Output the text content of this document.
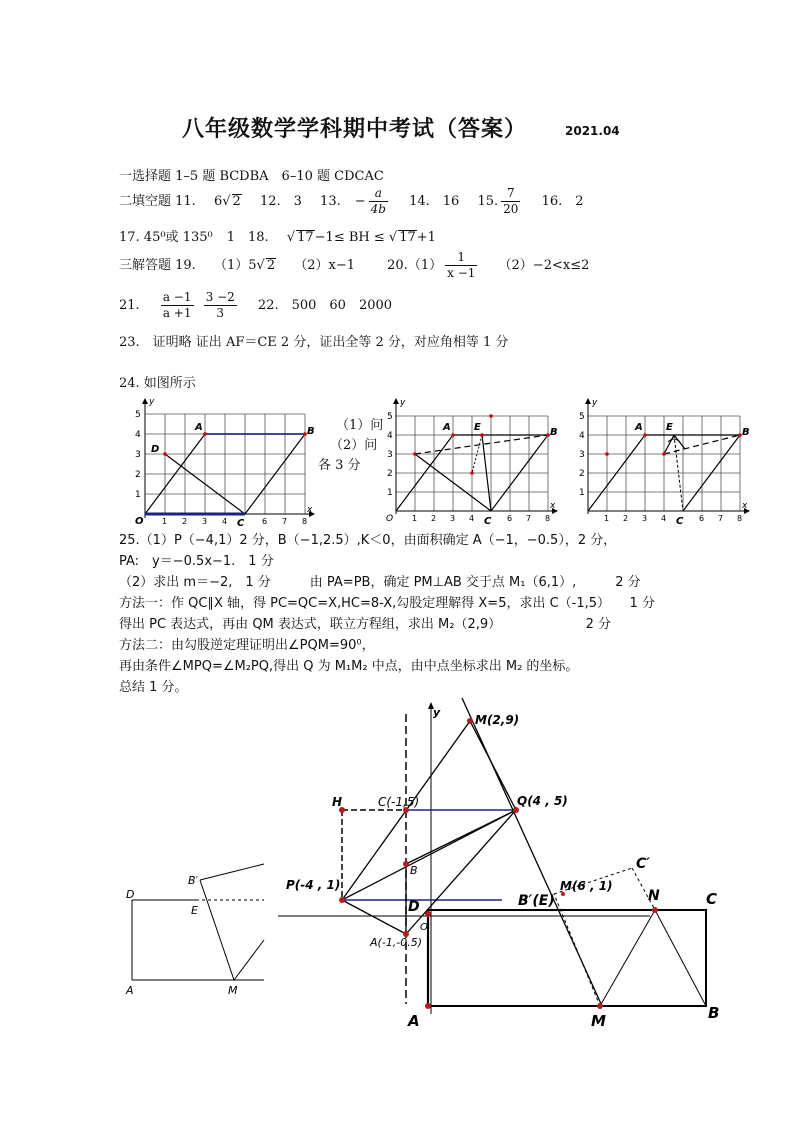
八年级数学学科期中考试（答案）	2021.04
一选择题 1–5 题 BCDBA　6–10 题 CDCAC
二填空题 11. 6√ 2 12.　3 13. − $\frac{a}{4b} 14$.　16 15. $\frac{7}{20} 16$.　2
17. 45⁰或 135⁰ 1　18. √ 17−1≤ BH ≤ √ 17+1
三解答题 19. （1）5√ 2 （2）x−1 $20.(1) \frac{1}{x -1} (2)-2<x\le 2$
21. $\frac{a -1}{a +1}$
$\frac{3 -2}{3} 22$.　500　60　2000
23.　证明略 证出 AF＝CE 2 分，证出全等 2 分，对应角相等 1 分
24. 如图所示
y
x
5
4
3
2
1
1 2 3 4	6 7 8
A	B
D
C
O
（1）问
（2）问
各 3 分
y
x
5
4
3
2
1
1 2 3 4	6 7 8
A E	B
C
O
y
x
5
4
3
2
1
1 2 3 4	6 7 8
A E	B
C
25.（1）P（−4,1）2 分，B（−1,2.5）,K＜0，由面积确定 A（−1，−0.5），2 分，
PA:　y＝−0.5x−1.　1 分
（2）求出 m＝−2,　1 分　　　由 PA=PB，确定 PM⊥AB 交于点 M₁（6,1）,　　　2 分
方法一：作 QC∥X 轴，得 PC=QC=X,HC=8-X,勾股定理解得 X=5，求出 C（-1,5）　　1 分
得出 PC 表达式，再由 QM 表达式，联立方程组，求出 M₂（2,9）　　　　　　　2 分
方法二：由勾股逆定理证明出∠PQM=90⁰，
再由条件∠MPQ=∠M₂PQ,得出 Q 为 M₁M₂ 中点，由中点坐标求出 M₂ 的坐标。
总结 1 分。
D
B′
E
A	M
y
M(2,9)
C(-1,5)
H	Q(4 , 5)
B
P(-4 , 1)
D
A(-1,-0.5)
O
M(6 , 1)
B′(E)
C′
N	C
A	M	B
